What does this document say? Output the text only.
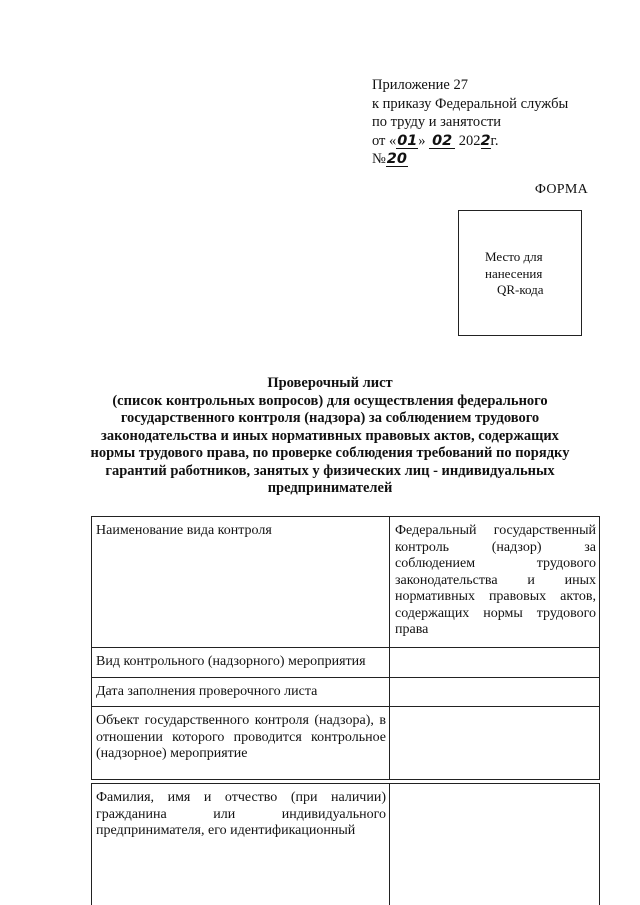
Приложение 27
к приказу Федеральной службы
по труду и занятости
от «01» 02 2022г.
№20
ФОРМА
Место для
нанесения
QR-кода
Проверочный лист
(список контрольных вопросов) для осуществления федерального
государственного контроля (надзора) за соблюдением трудового
законодательства и иных нормативных правовых актов, содержащих
нормы трудового права, по проверке соблюдения требований по порядку
гарантий работников, занятых у физических лиц - индивидуальных
предпринимателей
Наименование вида контроля	Федеральный государственный контроль (надзор) за соблюдением трудового законодательства и иных нормативных правовых актов, содержащих нормы трудового права
Вид контрольного (надзорного) мероприятия	
Дата заполнения проверочного листа	
Объект государственного контроля (надзора), в отношении которого проводится контрольное (надзорное) мероприятие	
Фамилия, имя и отчество (при наличии) гражданина или индивидуального предпринимателя, его идентификационный	
